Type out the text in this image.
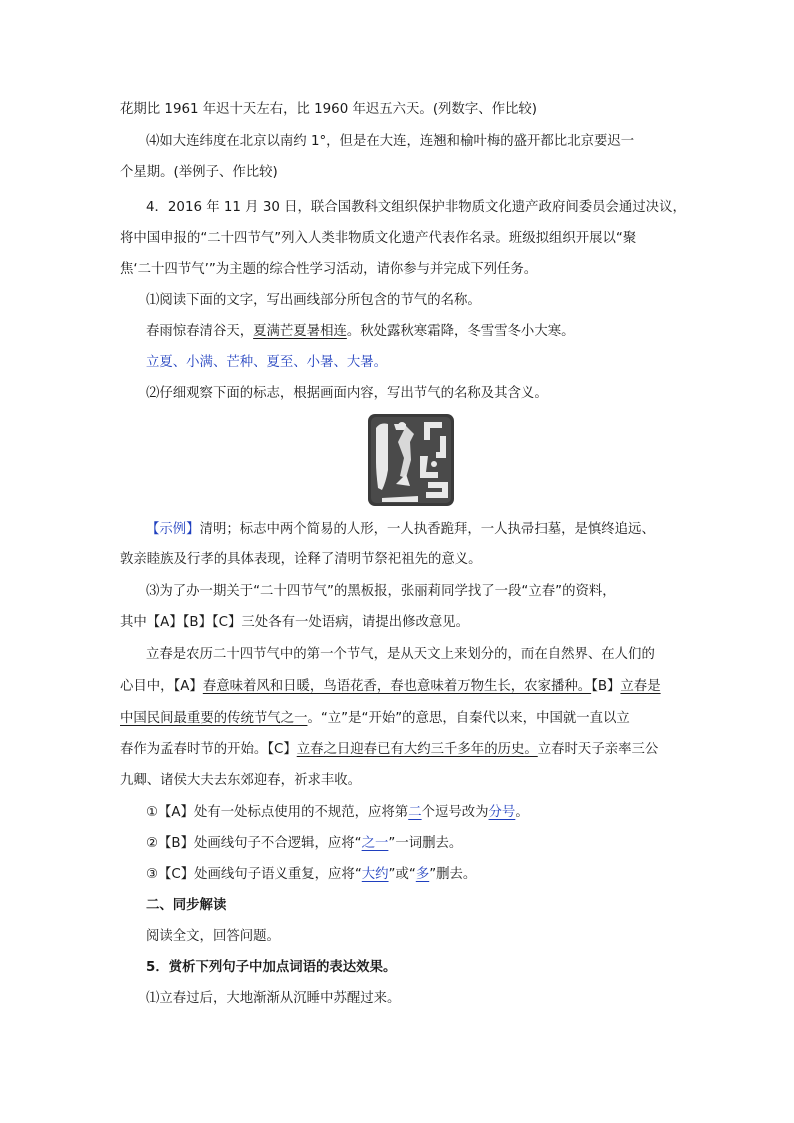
花期比 1961 年迟十天左右，比 1960 年迟五六天。(列数字、作比较)
⑷如大连纬度在北京以南约 1°，但是在大连，连翘和榆叶梅的盛开都比北京要迟一
个星期。(举例子、作比较)
4．2016 年 11 月 30 日，联合国教科文组织保护非物质文化遗产政府间委员会通过决议，
将中国申报的“二十四节气”列入人类非物质文化遗产代表作名录。班级拟组织开展以“聚
焦‘二十四节气’”为主题的综合性学习活动，请你参与并完成下列任务。
⑴阅读下面的文字，写出画线部分所包含的节气的名称。
春雨惊春清谷天，夏满芒夏暑相连。秋处露秋寒霜降，冬雪雪冬小大寒。
立夏、小满、芒种、夏至、小暑、大暑。
⑵仔细观察下面的标志，根据画面内容，写出节气的名称及其含义。
【示例】清明；标志中两个简易的人形，一人执香跪拜，一人执帚扫墓，是慎终追远、
敦亲睦族及行孝的具体表现，诠释了清明节祭祀祖先的意义。
⑶为了办一期关于“二十四节气”的黑板报，张丽莉同学找了一段“立春”的资料，
其中【A】【B】【C】三处各有一处语病，请提出修改意见。
立春是农历二十四节气中的第一个节气，是从天文上来划分的，而在自然界、在人们的
心目中，【A】春意味着风和日暖，鸟语花香，春也意味着万物生长，农家播种。【B】立春是
中国民间最重要的传统节气之一。“立”是“开始”的意思，自秦代以来，中国就一直以立
春作为孟春时节的开始。【C】立春之日迎春已有大约三千多年的历史。立春时天子亲率三公
九卿、诸侯大夫去东郊迎春，祈求丰收。
①【A】处有一处标点使用的不规范，应将第二个逗号改为分号。
②【B】处画线句子不合逻辑，应将“之一”一词删去。
③【C】处画线句子语义重复，应将“大约”或“多”删去。
二、同步解读
阅读全文，回答问题。
5．赏析下列句子中加点词语的表达效果。
⑴立春过后，大地渐渐从沉睡中苏醒过来。
